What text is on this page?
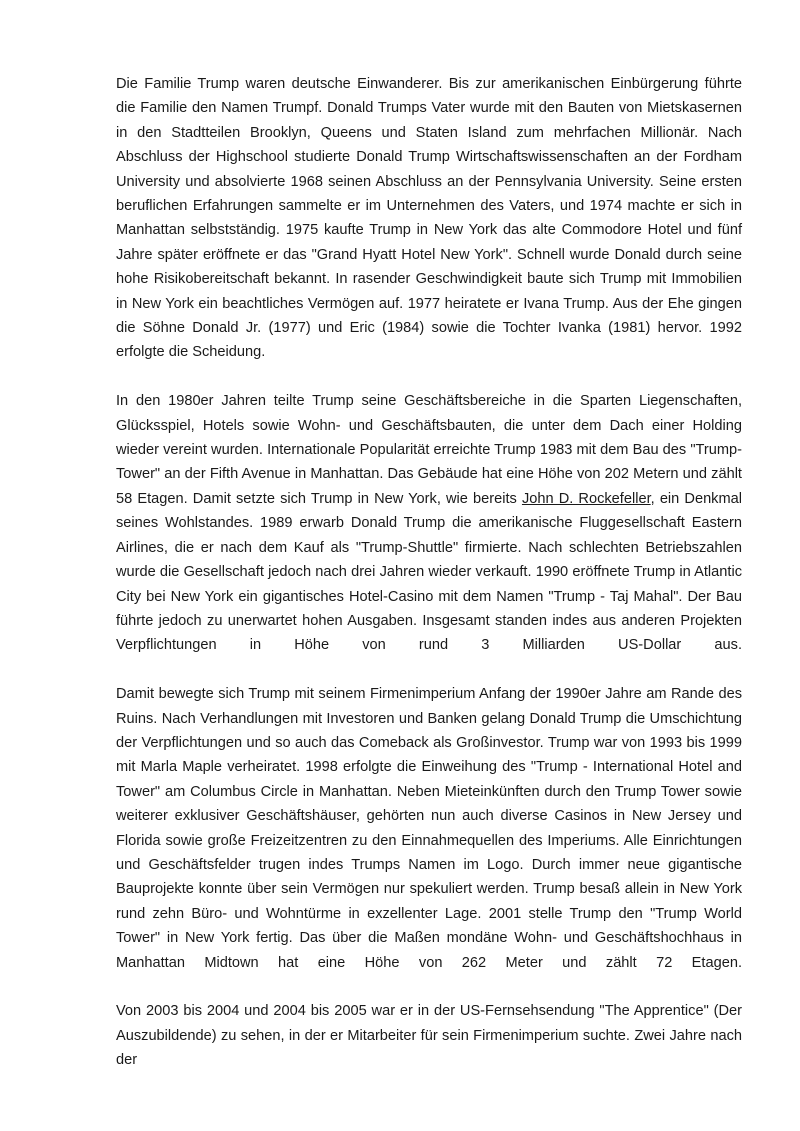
Die Familie Trump waren deutsche Einwanderer. Bis zur amerikanischen Einbürgerung führte die Familie den Namen Trumpf. Donald Trumps Vater wurde mit den Bauten von Mietskasernen in den Stadtteilen Brooklyn, Queens und Staten Island zum mehrfachen Millionär. Nach Abschluss der Highschool studierte Donald Trump Wirtschaftswissenschaften an der Fordham University und absolvierte 1968 seinen Abschluss an der Pennsylvania University. Seine ersten beruflichen Erfahrungen sammelte er im Unternehmen des Vaters, und 1974 machte er sich in Manhattan selbstständig. 1975 kaufte Trump in New York das alte Commodore Hotel und fünf Jahre später eröffnete er das "Grand Hyatt Hotel New York". Schnell wurde Donald durch seine hohe Risikobereitschaft bekannt. In rasender Geschwindigkeit baute sich Trump mit Immobilien in New York ein beachtliches Vermögen auf. 1977 heiratete er Ivana Trump. Aus der Ehe gingen die Söhne Donald Jr. (1977) und Eric (1984) sowie die Tochter Ivanka (1981) hervor. 1992 erfolgte die Scheidung.

In den 1980er Jahren teilte Trump seine Geschäftsbereiche in die Sparten Liegenschaften, Glücksspiel, Hotels sowie Wohn- und Geschäftsbauten, die unter dem Dach einer Holding wieder vereint wurden. Internationale Popularität erreichte Trump 1983 mit dem Bau des "Trump-Tower" an der Fifth Avenue in Manhattan. Das Gebäude hat eine Höhe von 202 Metern und zählt 58 Etagen. Damit setzte sich Trump in New York, wie bereits John D. Rockefeller, ein Denkmal seines Wohlstandes. 1989 erwarb Donald Trump die amerikanische Fluggesellschaft Eastern Airlines, die er nach dem Kauf als "Trump-Shuttle" firmierte. Nach schlechten Betriebszahlen wurde die Gesellschaft jedoch nach drei Jahren wieder verkauft. 1990 eröffnete Trump in Atlantic City bei New York ein gigantisches Hotel-Casino mit dem Namen "Trump - Taj Mahal". Der Bau führte jedoch zu unerwartet hohen Ausgaben. Insgesamt standen indes aus anderen Projekten Verpflichtungen in Höhe von rund 3 Milliarden US-Dollar aus.

Damit bewegte sich Trump mit seinem Firmenimperium Anfang der 1990er Jahre am Rande des Ruins. Nach Verhandlungen mit Investoren und Banken gelang Donald Trump die Umschichtung der Verpflichtungen und so auch das Comeback als Großinvestor. Trump war von 1993 bis 1999 mit Marla Maple verheiratet. 1998 erfolgte die Einweihung des "Trump - International Hotel and Tower" am Columbus Circle in Manhattan. Neben Mieteinkünften durch den Trump Tower sowie weiterer exklusiver Geschäftshäuser, gehörten nun auch diverse Casinos in New Jersey und Florida sowie große Freizeitzentren zu den Einnahmequellen des Imperiums. Alle Einrichtungen und Geschäftsfelder trugen indes Trumps Namen im Logo. Durch immer neue gigantische Bauprojekte konnte über sein Vermögen nur spekuliert werden. Trump besaß allein in New York rund zehn Büro- und Wohntürme in exzellenter Lage. 2001 stelle Trump den "Trump World Tower" in New York fertig. Das über die Maßen mondäne Wohn- und Geschäftshochhaus in Manhattan Midtown hat eine Höhe von 262 Meter und zählt 72 Etagen.

Von 2003 bis 2004 und 2004 bis 2005 war er in der US-Fernsehsendung "The Apprentice" (Der Auszubildende) zu sehen, in der er Mitarbeiter für sein Firmenimperium suchte. Zwei Jahre nach der
